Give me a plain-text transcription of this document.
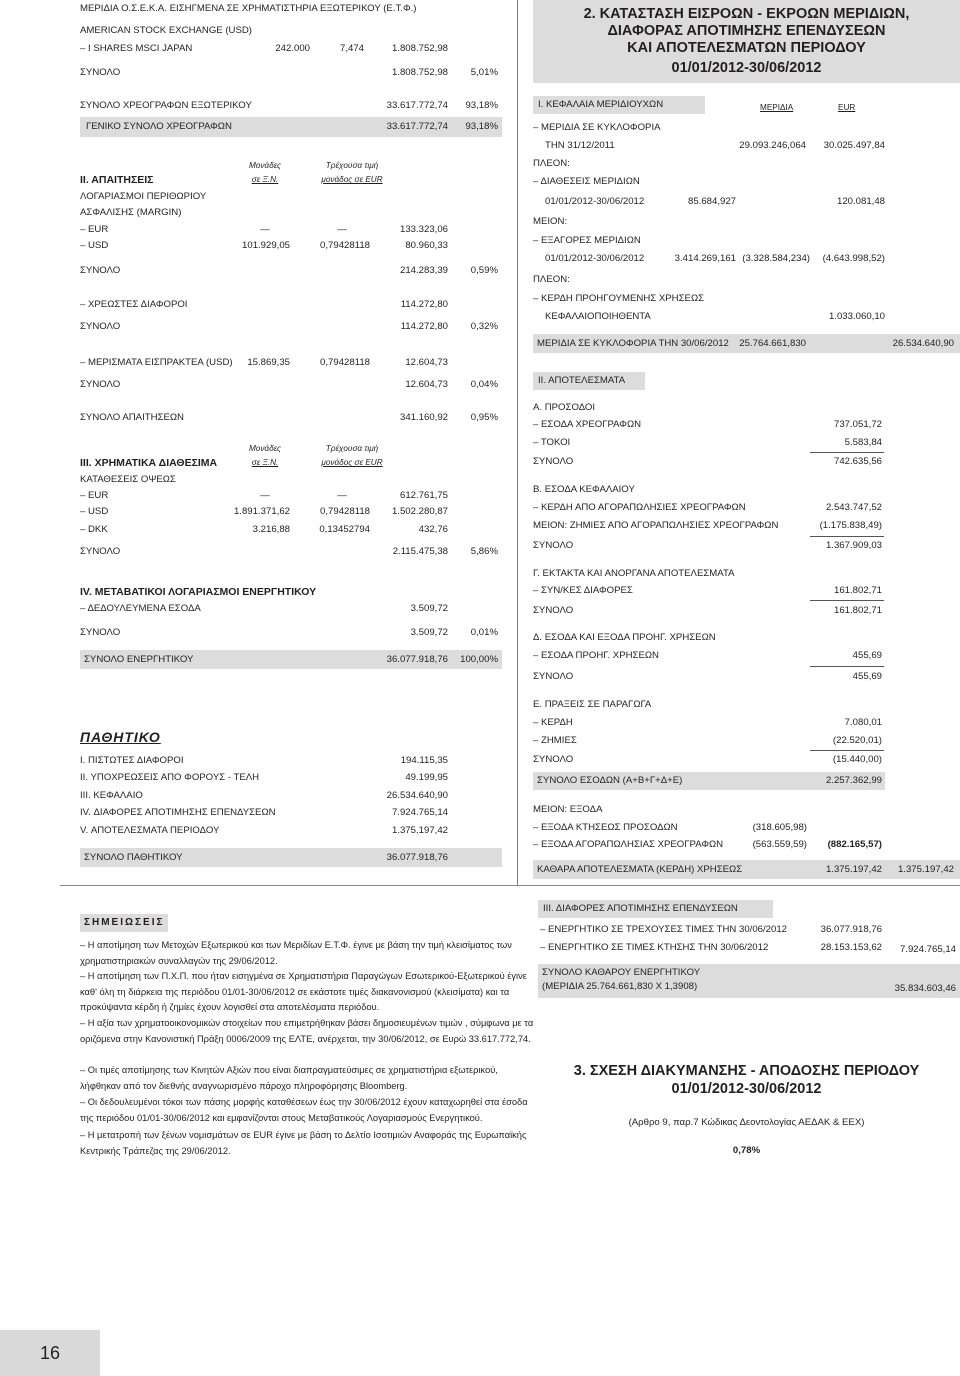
ΜΕΡΙΔΙΑ Ο.Σ.Ε.Κ.Α. ΕΙΣΗΓΜΕΝΑ ΣΕ ΧΡΗΜΑΤΙΣΤΗΡΙΑ ΕΞΩΤΕΡΙΚΟΥ (Ε.Τ.Φ.)
AMERICAN STOCK EXCHANGE (USD)
– I SHARES MSCI JAPAN	242.000	7,474	1.808.752,98
ΣΥΝΟΛΟ	1.808.752,98	5,01%
ΣΥΝΟΛΟ ΧΡΕΟΓΡΑΦΩΝ ΕΞΩΤΕΡΙΚΟΥ	33.617.772,74	93,18%
ΓΕΝΙΚΟ ΣΥΝΟΛΟ ΧΡΕΟΓΡΑΦΩΝ	33.617.772,74	93,18%
Μονάδες	Τρέχουσα τιμή
ΙΙ. ΑΠΑΙΤΗΣΕΙΣ	σε Ξ.Ν.	μονάδος σε EUR
ΛΟΓΑΡΙΑΣΜΟΙ ΠΕΡΙΘΩΡΙΟΥ
ΑΣΦΑΛΙΣΗΣ (MARGIN)
– EUR	—	—	133.323,06
– USD	101.929,05	0,79428118	80.960,33
ΣΥΝΟΛΟ	214.283,39	0,59%
– ΧΡΕΩΣΤΕΣ ΔΙΑΦΟΡΟΙ	114.272,80
ΣΥΝΟΛΟ	114.272,80	0,32%
– ΜΕΡΙΣΜΑΤΑ ΕΙΣΠΡΑΚΤΕΑ (USD)	15.869,35	0,79428118	12.604,73
ΣΥΝΟΛΟ	12.604,73	0,04%
ΣΥΝΟΛΟ ΑΠΑΙΤΗΣΕΩΝ	341.160,92	0,95%
Μονάδες	Τρέχουσα τιμή
ΙΙΙ. ΧΡΗΜΑΤΙΚΑ ΔΙΑΘΕΣΙΜΑ	σε Ξ.Ν.	μονάδος σε EUR
ΚΑΤΑΘΕΣΕΙΣ ΟΨΕΩΣ
– EUR	—	—	612.761,75
– USD	1.891.371,62	0,79428118	1.502.280,87
– DKK	3.216,88	0,13452794	432,76
ΣΥΝΟΛΟ	2.115.475,38	5,86%
IV. ΜΕΤΑΒΑΤΙΚΟΙ ΛΟΓΑΡΙΑΣΜΟΙ ΕΝΕΡΓΗΤΙΚΟΥ
– ΔΕΔΟΥΛΕΥΜΕΝΑ ΕΣΟΔΑ	3.509,72
ΣΥΝΟΛΟ	3.509,72	0,01%
ΣΥΝΟΛΟ ΕΝΕΡΓΗΤΙΚΟΥ	36.077.918,76	100,00%
ΠΑΘΗΤΙΚΟ
I. ΠΙΣΤΩΤΕΣ ΔΙΑΦΟΡΟΙ	194.115,35
ΙΙ. ΥΠΟΧΡΕΩΣΕΙΣ ΑΠΟ ΦΟΡΟΥΣ - ΤΕΛΗ	49.199,95
ΙΙΙ. ΚΕΦΑΛΑΙΟ	26.534.640,90
IV. ΔΙΑΦΟΡΕΣ ΑΠΟΤΙΜΗΣΗΣ ΕΠΕΝΔΥΣΕΩΝ	7.924.765,14
V. ΑΠΟΤΕΛΕΣΜΑΤΑ ΠΕΡΙΟΔΟΥ	1.375.197,42
ΣΥΝΟΛΟ ΠΑΘΗΤΙΚΟΥ	36.077.918,76
2. ΚΑΤΑΣΤΑΣΗ ΕΙΣΡΟΩΝ - ΕΚΡΟΩΝ ΜΕΡΙΔΙΩΝ,
ΔΙΑΦΟΡΑΣ ΑΠΟΤΙΜΗΣΗΣ ΕΠΕΝΔΥΣΕΩΝ
ΚΑΙ ΑΠΟΤΕΛΕΣΜΑΤΩΝ ΠΕΡΙΟΔΟΥ
01/01/2012-30/06/2012
Ι. ΚΕΦΑΛΑΙΑ ΜΕΡΙΔΙΟΥΧΩΝ	ΜΕΡΙΔΙΑ	EUR
– ΜΕΡΙΔΙΑ ΣΕ ΚΥΚΛΟΦΟΡΙΑ
ΤΗΝ 31/12/2011	29.093.246,064	30.025.497,84
ΠΛΕΟΝ:
– ΔΙΑΘΕΣΕΙΣ ΜΕΡΙΔΙΩΝ
01/01/2012-30/06/2012	85.684,927	120.081,48
ΜΕΙΟΝ:
– ΕΞΑΓΟΡΕΣ ΜΕΡΙΔΙΩΝ
01/01/2012-30/06/2012	3.414.269,161 (3.328.584,234)	(4.643.998,52)
ΠΛΕΟΝ:
– ΚΕΡΔΗ ΠΡΟΗΓΟΥΜΕΝΗΣ ΧΡΗΣΕΩΣ
ΚΕΦΑΛΑΙΟΠΟΙΗΘΕΝΤΑ	1.033.060,10
ΜΕΡΙΔΙΑ ΣΕ ΚΥΚΛΟΦΟΡΙΑ ΤΗΝ 30/06/2012	25.764.661,830	26.534.640,90
ΙΙ. ΑΠΟΤΕΛΕΣΜΑΤΑ
Α. ΠΡΟΣΟΔΟΙ
– ΕΣΟΔΑ ΧΡΕΟΓΡΑΦΩΝ	737.051,72
– ΤΟΚΟΙ	5.583,84
ΣΥΝΟΛΟ	742.635,56
Β. ΕΣΟΔΑ ΚΕΦΑΛΑΙΟΥ
– ΚΕΡΔΗ ΑΠΟ ΑΓΟΡΑΠΩΛΗΣΙΕΣ ΧΡΕΟΓΡΑΦΩΝ	2.543.747,52
ΜΕΙΟΝ: ΖΗΜΙΕΣ ΑΠΟ ΑΓΟΡΑΠΩΛΗΣΙΕΣ ΧΡΕΟΓΡΑΦΩΝ	(1.175.838,49)
ΣΥΝΟΛΟ	1.367.909,03
Γ. ΕΚΤΑΚΤΑ ΚΑΙ ΑΝΟΡΓΑΝΑ ΑΠΟΤΕΛΕΣΜΑΤΑ
– ΣΥΝ/ΚΕΣ ΔΙΑΦΟΡΕΣ	161.802,71
ΣΥΝΟΛΟ	161.802,71
Δ. ΕΣΟΔΑ ΚΑΙ ΕΞΟΔΑ ΠΡΟΗΓ. ΧΡΗΣΕΩΝ
– ΕΣΟΔΑ ΠΡΟΗΓ. ΧΡΗΣΕΩΝ	455,69
ΣΥΝΟΛΟ	455,69
Ε. ΠΡΑΞΕΙΣ ΣΕ ΠΑΡΑΓΩΓΑ
– ΚΕΡΔΗ	7.080,01
– ΖΗΜΙΕΣ	(22.520,01)
ΣΥΝΟΛΟ	(15.440,00)
ΣΥΝΟΛΟ ΕΣΟΔΩΝ (Α+Β+Γ+Δ+Ε)	2.257.362,99
ΜΕΙΟΝ: ΕΞΟΔΑ
– ΕΞΟΔΑ ΚΤΗΣΕΩΣ ΠΡΟΣΟΔΩΝ	(318.605,98)
– ΕΞΟΔΑ ΑΓΟΡΑΠΩΛΗΣΙΑΣ ΧΡΕΟΓΡΑΦΩΝ	(563.559,59)	(882.165,57)
ΚΑΘΑΡΑ ΑΠΟΤΕΛΕΣΜΑΤΑ (ΚΕΡΔΗ) ΧΡΗΣΕΩΣ	1.375.197,42	1.375.197,42
ΙΙΙ. ΔΙΑΦΟΡΕΣ ΑΠΟΤΙΜΗΣΗΣ ΕΠΕΝΔΥΣΕΩΝ
– ΕΝΕΡΓΗΤΙΚΟ ΣΕ ΤΡΕΧΟΥΣΕΣ ΤΙΜΕΣ ΤΗΝ 30/06/2012	36.077.918,76
– ΕΝΕΡΓΗΤΙΚΟ ΣΕ ΤΙΜΕΣ ΚΤΗΣΗΣ ΤΗΝ 30/06/2012	28.153.153,62	7.924.765,14
ΣΥΝΟΛΟ ΚΑΘΑΡΟΥ ΕΝΕΡΓΗΤΙΚΟΥ
(ΜΕΡΙΔΙΑ 25.764.661,830 Χ 1,3908)	35.834.603,46
3. ΣΧΕΣΗ ΔΙΑΚΥΜΑΝΣΗΣ - ΑΠΟΔΟΣΗΣ ΠΕΡΙΟΔΟΥ
01/01/2012-30/06/2012
(Αρθρο 9, παρ.7 Κώδικας Δεοντολογίας ΑΕΔΑΚ & ΕΕΧ)
0,78%
ΣΗΜΕΙΩΣΕΙΣ
– Η αποτίμηση των Μετοχών Εξωτερικού και των Μεριδίων Ε.Τ.Φ. έγινε με βάση την τιμή κλεισίματος των χρηματιστηριακών συναλλαγών της 29/06/2012.
– Η αποτίμηση των Π.Χ.Π. που ήταν εισηγμένα σε Χρηματιστήρια Παραγώγων Εσωτερικού-Εξωτερικού έγινε καθ' όλη τη διάρκεια της περιόδου 01/01-30/06/2012 σε εκάστοτε τιμές διακανονισμού (κλεισίματα) και τα προκύψαντα κέρδη ή ζημίες έχουν λογισθεί στα αποτελέσματα περιόδου.
– Η αξία των χρηματοοικονομικών στοιχείων που επιμετρήθηκαν βάσει δημοσιευμένων τιμών , σύμφωνα με τα οριζόμενα στην Κανονιστική Πράξη 0006/2009 της ΕΛΤΕ, ανέρχεται, την 30/06/2012, σε Ευρώ 33.617.772,74.
– Οι τιμές αποτίμησης των Κινητών Αξιών που είναι διαπραγματεύσιμες σε χρηματιστήρια εξωτερικού, λήφθηκαν από τον διεθνής αναγνωρισμένο πάροχο πληροφόρησης Bloomberg.
– Οι δεδουλευμένοι τόκοι των πάσης μορφής καταθέσεων έως την 30/06/2012 έχουν καταχωρηθεί στα έσοδα της περιόδου 01/01-30/06/2012 και εμφανίζονται στους Μεταβατικούς Λογαριασμούς Ενεργητικού.
– Η μετατροπή των ξένων νομισμάτων σε EUR έγινε με βάση το Δελτίο Ισοτιμιών Αναφοράς της Ευρωπαϊκής Κεντρικής Τράπεζας της 29/06/2012.
16
